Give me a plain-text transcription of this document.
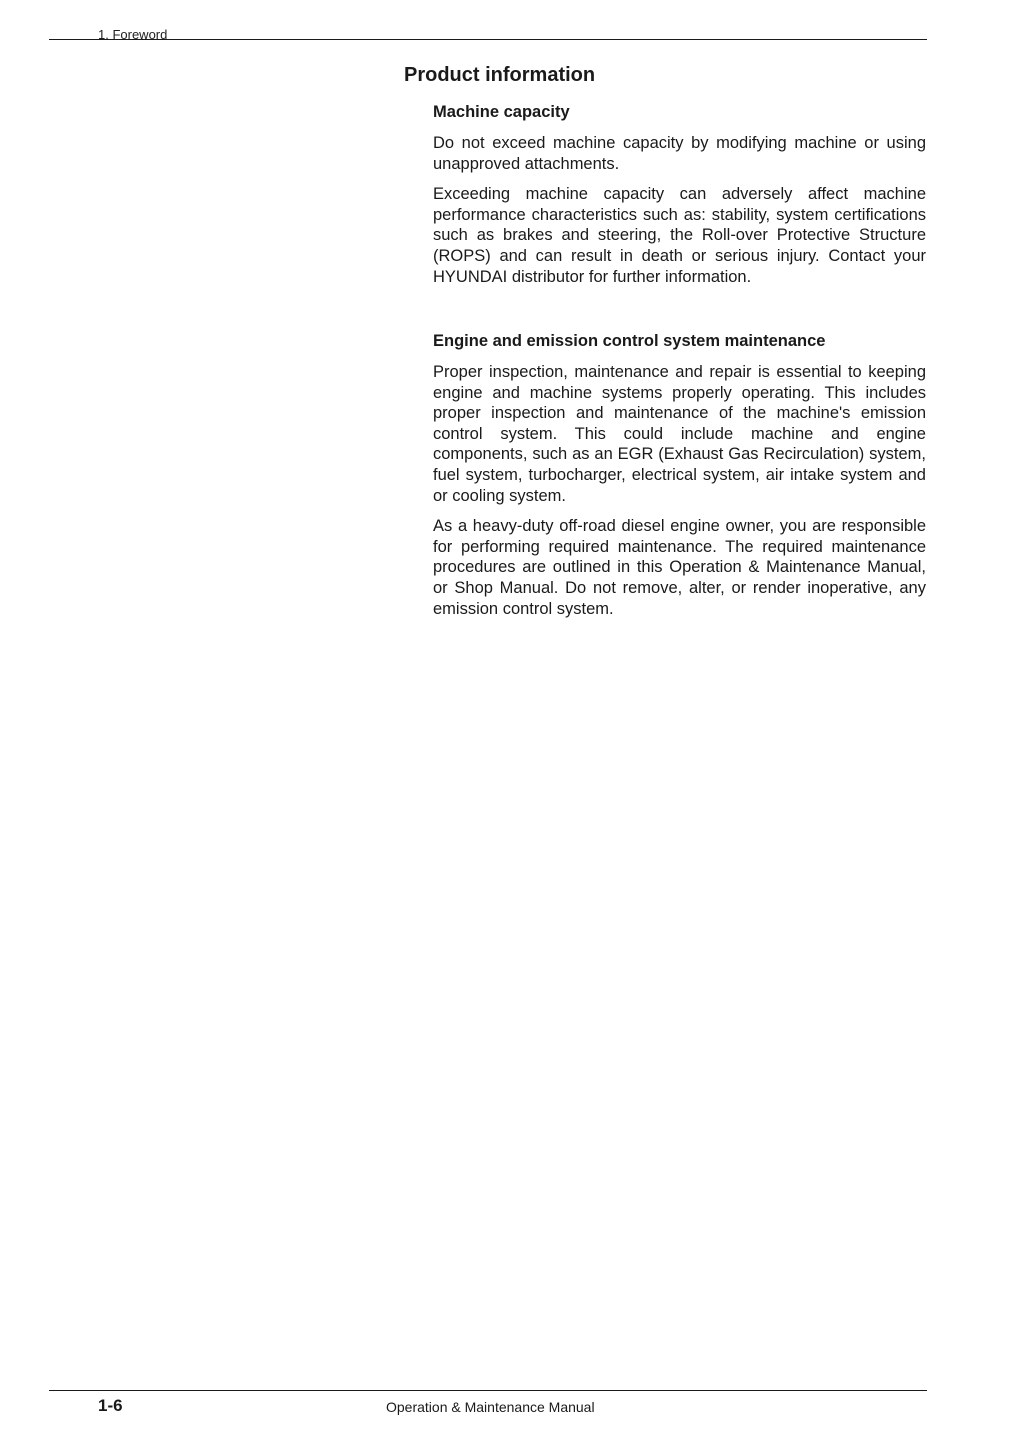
1. Foreword
Product information
Machine capacity

Do not exceed machine capacity by modifying machine or using unapproved attachments.

Exceeding machine capacity can adversely affect machine performance characteristics such as: stability, system certifications such as brakes and steering, the Roll-over Protective Structure (ROPS) and can result in death or serious injury. Contact your HYUNDAI distributor for further information.

Engine and emission control system maintenance

Proper inspection, maintenance and repair is essential to keeping engine and machine systems properly operating. This includes proper inspection and maintenance of the machine's emission control system. This could include machine and engine components, such as an EGR (Exhaust Gas Recirculation) system, fuel system, turbocharger, electrical system, air intake system and or cooling system.

As a heavy-duty off-road diesel engine owner, you are responsible for performing required maintenance. The required maintenance procedures are outlined in this Operation & Maintenance Manual, or Shop Manual. Do not remove, alter, or render inoperative, any emission control system.

1-6	Operation & Maintenance Manual
